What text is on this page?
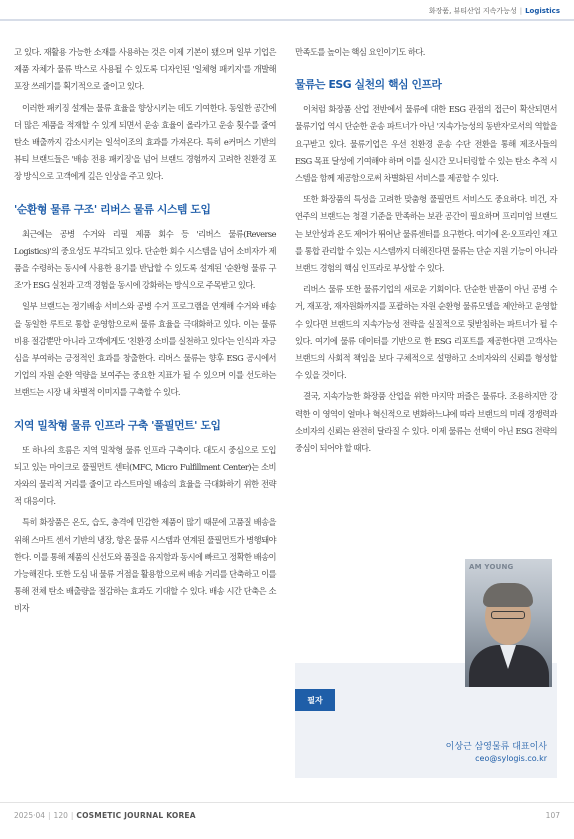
화장품, 뷰티산업 지속가능성 | Logistics

고 있다. 재활용 가능한 소재를 사용하는 것은 이제 기본이 됐으며 일부 기업은 제품 자체가 물류 박스로 사용될 수 있도록 디자인된 '일체형 패키지'를 개발해 포장 쓰레기를 획기적으로 줄이고 있다.

이러한 패키징 설계는 물류 효율을 향상시키는 데도 기여한다. 동일한 공간에 더 많은 제품을 적재할 수 있게 되면서 운송 효율이 올라가고 운송 횟수를 줄여 탄소 배출까지 감소시키는 일석이조의 효과를 가져온다. 특히 e커머스 기반의 뷰티 브랜드들은 '배송 전용 패키징'을 넘어 브랜드 경험까지 고려한 친환경 포장 방식으로 고객에게 깊은 인상을 주고 있다.

'순환형 물류 구조' 리버스 물류 시스템 도입

최근에는 공병 수거와 리필 제품 회수 등 '리버스 물류(Reverse Logistics)'의 중요성도 부각되고 있다. 단순한 회수 시스템을 넘어 소비자가 제품을 수령하는 동시에 사용한 용기를 반납할 수 있도록 설계된 '순환형 물류 구조'가 ESG 실천과 고객 경험을 동시에 강화하는 방식으로 주목받고 있다.

일부 브랜드는 정기배송 서비스와 공병 수거 프로그램을 연계해 수거와 배송을 동일한 루트로 통합 운영함으로써 물류 효율을 극대화하고 있다. 이는 물류 비용 절감뿐만 아니라 고객에게도 '친환경 소비를 실천하고 있다'는 인식과 자긍심을 부여하는 긍정적인 효과를 창출한다. 리버스 물류는 향후 ESG 공시에서 기업의 자원 순환 역량을 보여주는 중요한 지표가 될 수 있으며 이를 선도하는 브랜드는 시장 내 차별적 이미지를 구축할 수 있다.

지역 밀착형 물류 인프라 구축 '풀필먼트' 도입

또 하나의 흐름은 지역 밀착형 물류 인프라 구축이다. 대도시 중심으로 도입되고 있는 마이크로 풀필먼트 센터(MFC, Micro Fulfillment Center)는 소비자와의 물리적 거리를 줄이고 라스트마일 배송의 효율을 극대화하기 위한 전략적 대응이다.

특히 화장품은 온도, 습도, 충격에 민감한 제품이 많기 때문에 고품질 배송을 위해 스마트 센서 기반의 냉장, 항온 물류 시스템과 연계된 풀필먼트가 병행돼야 한다. 이를 통해 제품의 신선도와 품질을 유지함과 동시에 빠르고 정확한 배송이 가능해진다. 또한 도심 내 물류 거점을 활용함으로써 배송 거리를 단축하고 이를 통해 전체 탄소 배출량을 절감하는 효과도 기대할 수 있다. 배송 시간 단축은 소비자

만족도를 높이는 핵심 요인이기도 하다.

물류는 ESG 실천의 핵심 인프라

이처럼 화장품 산업 전반에서 물류에 대한 ESG 관점의 접근이 확산되면서 물류기업 역시 단순한 운송 파트너가 아닌 '지속가능성의 동반자'로서의 역할을 요구받고 있다. 물류기업은 우선 친환경 운송 수단 전환을 통해 제조사들의 ESG 목표 달성에 기여해야 하며 이를 실시간 모니터링할 수 있는 탄소 추적 시스템을 함께 제공함으로써 차별화된 서비스를 제공할 수 있다.

또한 화장품의 특성을 고려한 맞춤형 풀필먼트 서비스도 중요하다. 비건, 자연주의 브랜드는 청결 기준을 만족하는 보관 공간이 필요하며 프리미엄 브랜드는 보안성과 온도 제어가 뛰어난 물류센터를 요구한다. 여기에 온·오프라인 재고를 통합 관리할 수 있는 시스템까지 더해진다면 물류는 단순 지원 기능이 아니라 브랜드 경험의 핵심 인프라로 부상할 수 있다.

리버스 물류 또한 물류기업의 새로운 기회이다. 단순한 반품이 아닌 공병 수거, 재포장, 재자원화까지를 포괄하는 자원 순환형 물류모델을 제안하고 운영할 수 있다면 브랜드의 지속가능성 전략을 실질적으로 뒷받침하는 파트너가 될 수 있다. 여기에 물류 데이터를 기반으로 한 ESG 리포트를 제공한다면 고객사는 브랜드의 사회적 책임을 보다 구체적으로 설명하고 소비자와의 신뢰를 형성할 수 있을 것이다.

결국, 지속가능한 화장품 산업을 위한 마지막 퍼즐은 물류다. 조용하지만 강력한 이 영역이 얼마나 혁신적으로 변화하느냐에 따라 브랜드의 미래 경쟁력과 소비자의 신뢰는 완전히 달라질 수 있다. 이제 물류는 선택이 아닌 ESG 전략의 중심이 되어야 할 때다.

필자
AM YOUNG
이상근 삼영물류 대표이사
ceo@sylogis.co.kr
2025·04 | 120 | COSMETIC JOURNAL KOREA	107
